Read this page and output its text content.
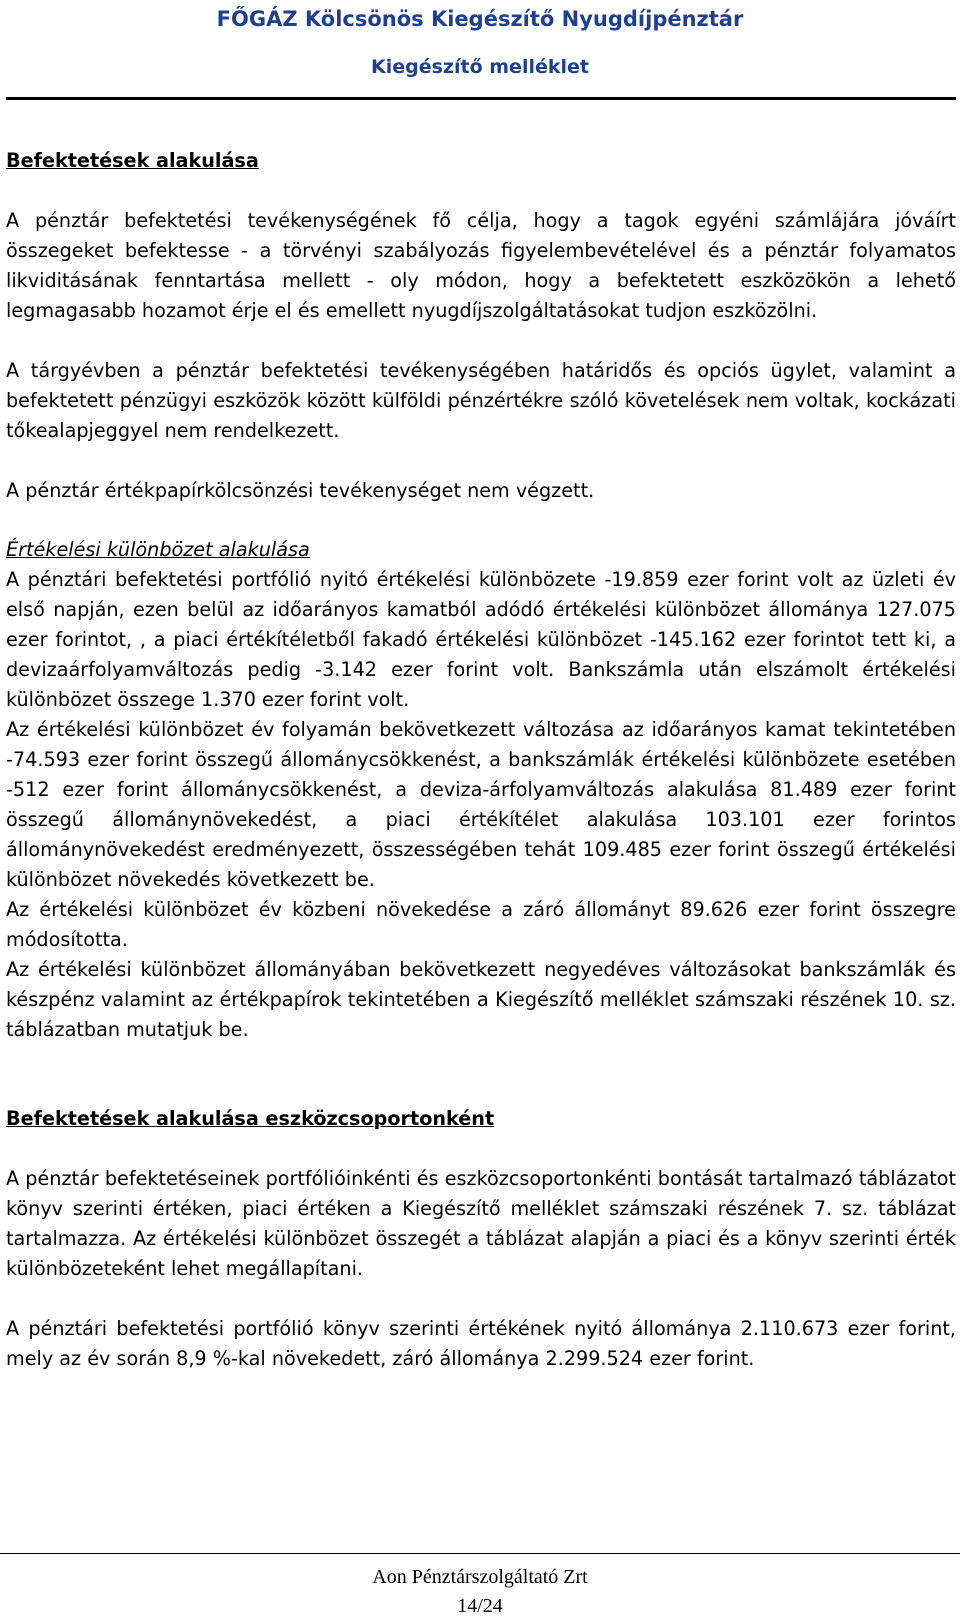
FŐGÁZ Kölcsönös Kiegészítő Nyugdíjpénztár
Kiegészítő melléklet
Befektetések alakulása

A pénztár befektetési tevékenységének fő célja, hogy a tagok egyéni számlájára jóváírt összegeket befektesse - a törvényi szabályozás figyelembevételével és a pénztár folyamatos likviditásának fenntartása mellett - oly módon, hogy a befektetett eszközökön a lehető legmagasabb hozamot érje el és emellett nyugdíjszolgáltatásokat tudjon eszközölni.

A tárgyévben a pénztár befektetési tevékenységében határidős és opciós ügylet, valamint a befektetett pénzügyi eszközök között külföldi pénzértékre szóló követelések nem voltak, kockázati tőkealapjeggyel nem rendelkezett.

A pénztár értékpapírkölcsönzési tevékenységet nem végzett.

Értékelési különbözet alakulása

A pénztári befektetési portfólió nyitó értékelési különbözete -19.859 ezer forint volt az üzleti év első napján, ezen belül az időarányos kamatból adódó értékelési különbözet állománya 127.075 ezer forintot, , a piaci értékítéletből fakadó értékelési különbözet -145.162 ezer forintot tett ki, a devizaárfolyamváltozás pedig -3.142 ezer forint volt. Bankszámla után elszámolt értékelési különbözet összege 1.370 ezer forint volt.

Az értékelési különbözet év folyamán bekövetkezett változása az időarányos kamat tekintetében -74.593 ezer forint összegű állománycsökkenést, a bankszámlák értékelési különbözete esetében -512 ezer forint állománycsökkenést, a deviza-árfolyamváltozás alakulása 81.489 ezer forint összegű állománynövekedést, a piaci értékítélet alakulása 103.101 ezer forintos állománynövekedést eredményezett, összességében tehát 109.485 ezer forint összegű értékelési különbözet növekedés következett be.

Az értékelési különbözet év közbeni növekedése a záró állományt 89.626 ezer forint összegre módosította.

Az értékelési különbözet állományában bekövetkezett negyedéves változásokat bankszámlák és készpénz valamint az értékpapírok tekintetében a Kiegészítő melléklet számszaki részének 10. sz. táblázatban mutatjuk be.

Befektetések alakulása eszközcsoportonként

A pénztár befektetéseinek portfólióinkénti és eszközcsoportonkénti bontását tartalmazó táblázatot könyv szerinti értéken, piaci értéken a Kiegészítő melléklet számszaki részének 7. sz. táblázat tartalmazza. Az értékelési különbözet összegét a táblázat alapján a piaci és a könyv szerinti érték különbözeteként lehet megállapítani.

A pénztári befektetési portfólió könyv szerinti értékének nyitó állománya 2.110.673 ezer forint, mely az év során 8,9 %-kal növekedett, záró állománya 2.299.524 ezer forint.

Aon Pénztárszolgáltató Zrt
14/24
